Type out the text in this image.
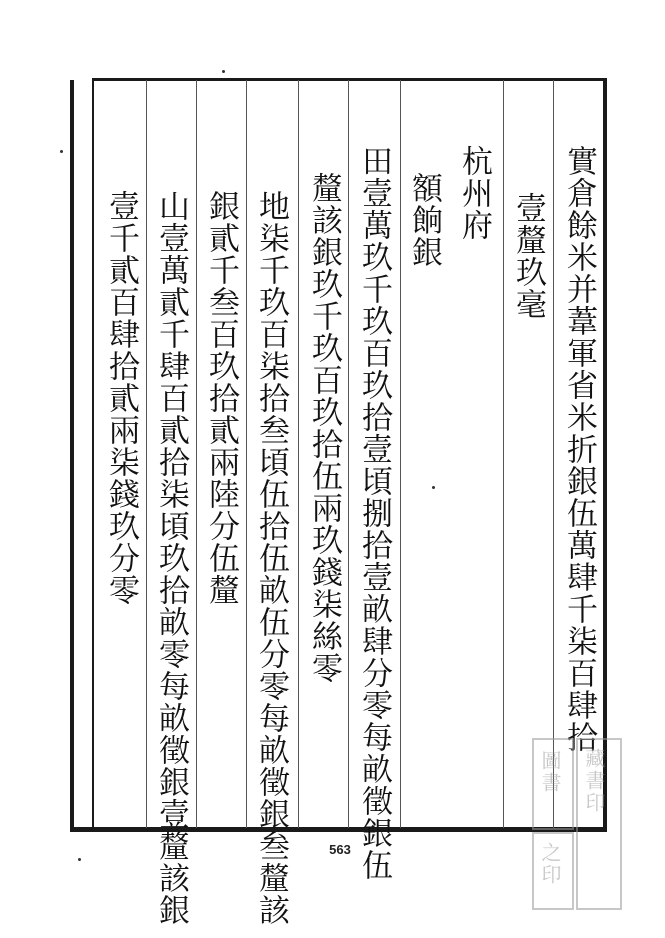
實倉餘米并葦軍省米折銀伍萬肆千柒百肆拾
壹釐玖毫
杭州府
額餉銀
田壹萬玖千玖百玖拾壹頃捌拾壹畝肆分零每畝徵銀伍
釐該銀玖千玖百玖拾伍兩玖錢柒絲零
地柒千玖百柒拾叁頃伍拾伍畝伍分零每畝徵銀叁釐該
銀貳千叁百玖拾貳兩陸分伍釐
山壹萬貳千肆百貳拾柒頃玖拾畝零每畝徵銀壹釐該銀
壹千貳百肆拾貳兩柒錢玖分零
563
藏書印
圖書
之印
